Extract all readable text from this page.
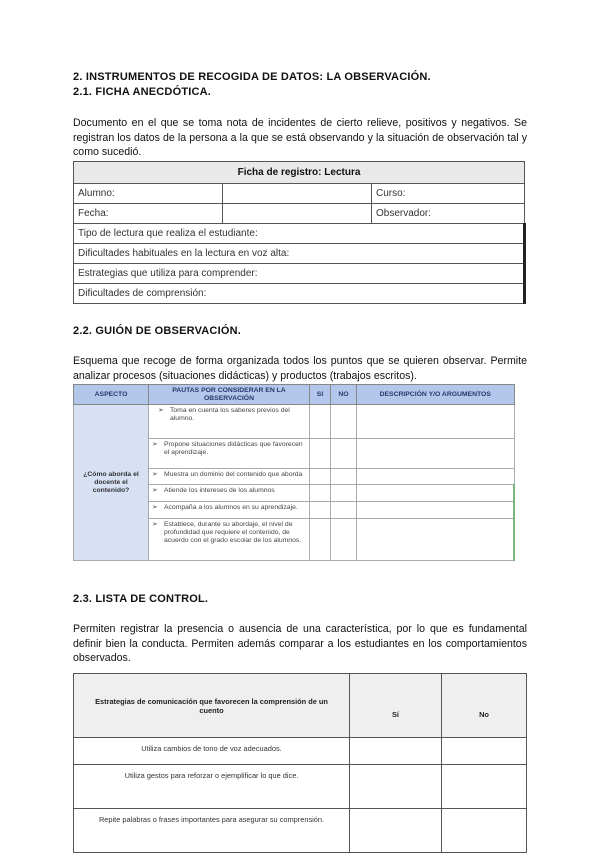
2. INSTRUMENTOS DE RECOGIDA DE DATOS: LA OBSERVACIÓN.

2.1. FICHA ANECDÓTICA.

Documento en el que se toma nota de incidentes de cierto relieve, positivos y negativos. Se registran los datos de la persona a la que se está observando y la situación de observación tal y como sucedió.

Ficha de registro: Lectura		
Alumno:		Curso:
Fecha:		Observador:
Tipo de lectura que realiza el estudiante:		
Dificultades habituales en la lectura en voz alta:		
Estrategias que utiliza para comprender:		
Dificultades de comprensión:		

2.2. GUIÓN DE OBSERVACIÓN.

Esquema que recoge de forma organizada todos los puntos que se quieren observar. Permite analizar procesos (situaciones didácticas) y productos (trabajos escritos).

ASPECTO	PAUTAS POR CONSIDERAR EN LA OBSERVACIÓN	SI	NO	DESCRIPCIÓN Y/O ARGUMENTOS
¿Cómo aborda el docente el contenido?	➢ Toma en cuenta los saberes previos del alumno.			

	➢ Propone situaciones didácticas que favorecen el aprendizaje.			

	➢ Muestra un dominio del contenido que aborda			

	➢ Atiende los intereses de los alumnos			

	➢ Acompaña a los alumnos en su aprendizaje.			

	➢ Establece, durante su abordaje, el nivel de profundidad que requiere el contenido, de acuerdo con el grado escolar de los alumnos.			

2.3. LISTA DE CONTROL.

Permiten registrar la presencia o ausencia de una característica, por lo que es fundamental definir bien la conducta. Permiten además comparar a los estudiantes en los comportamientos observados.

Estrategias de comunicación que favorecen la comprensión de un cuento	Sí	No
Utiliza cambios de tono de voz adecuados.		
Utiliza gestos para reforzar o ejemplificar lo que dice.		
Repite palabras o frases importantes para asegurar su comprensión.		
